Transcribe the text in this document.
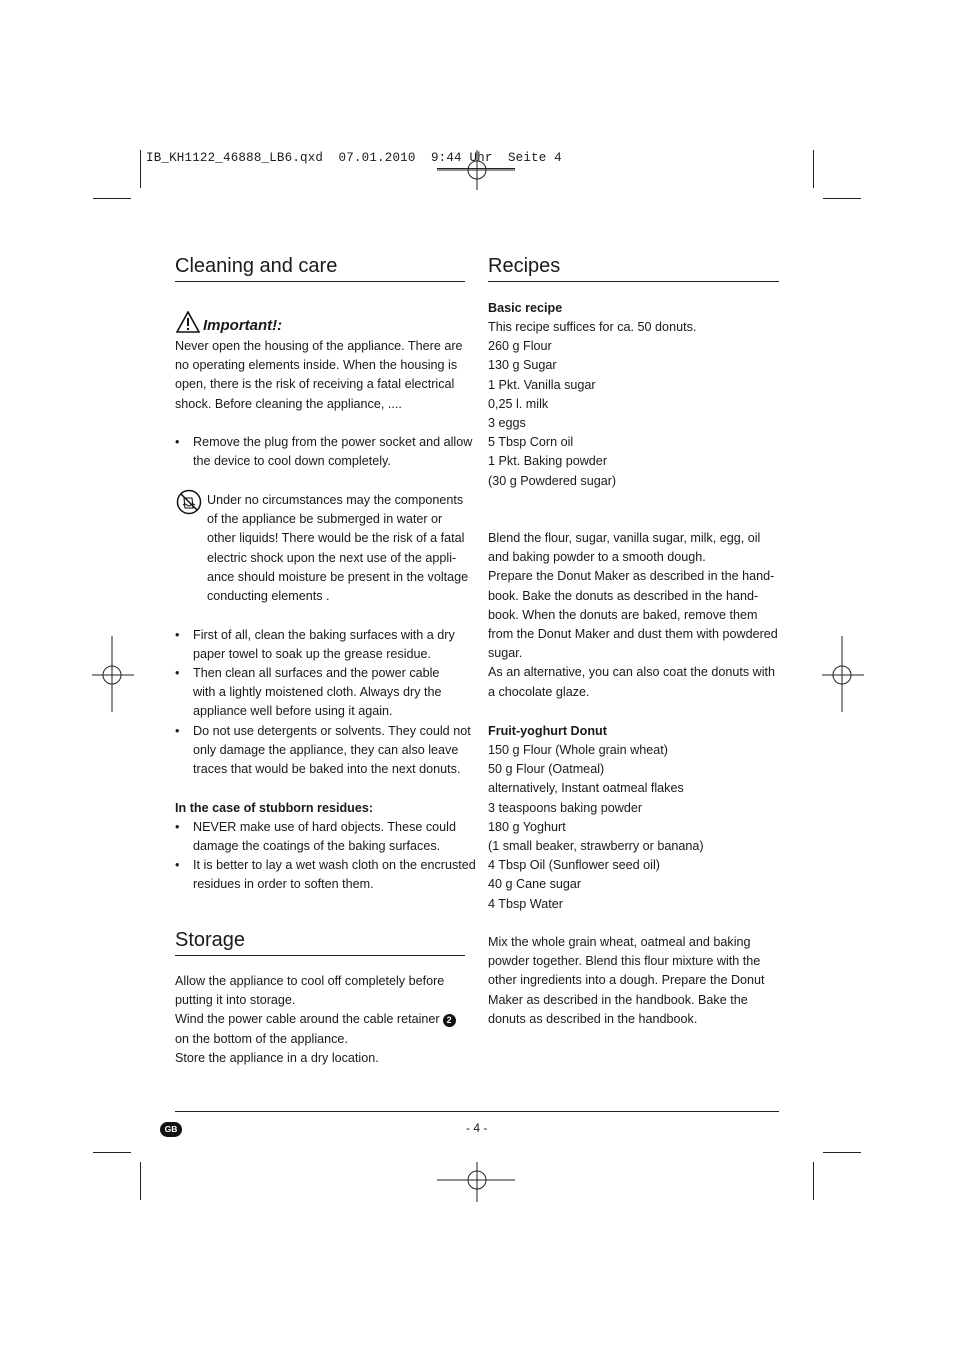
IB_KH1122_46888_LB6.qxd  07.01.2010  9:44 Uhr  Seite 4
Cleaning and care
Important!:
Never open the housing of the appliance. There are
no operating elements inside. When the housing is
open, there is the risk of receiving a fatal electrical
shock. Before cleaning the appliance, ....
• Remove the plug from the power socket and allow
the device to cool down completely.
Under no circumstances may the components
of the appliance be submerged in water or
other liquids! There would be the risk of a fatal
electric shock upon the next use of the appli-
ance should moisture be present in the voltage
conducting elements .
• First of all, clean the baking surfaces with a dry
paper towel to soak up the grease residue.
• Then clean all surfaces and the power cable
with a lightly moistened cloth. Always dry the
appliance well before using it again.
• Do not use detergents or solvents. They could not
only damage the appliance, they can also leave
traces that would be baked into the next donuts.
In the case of stubborn residues:
• NEVER make use of hard objects. These could
damage the coatings of the baking surfaces.
• It is better to lay a wet wash cloth on the encrusted
residues in order to soften them.
Storage
Allow the appliance to cool off completely before
putting it into storage.
Wind the power cable around the cable retainer 2
on the bottom of the appliance.
Store the appliance in a dry location.
Recipes
Basic recipe
This recipe suffices for ca. 50 donuts.
260 g Flour
130 g Sugar
1 Pkt. Vanilla sugar
0,25 l. milk
3 eggs
5 Tbsp Corn oil
1 Pkt. Baking powder
(30 g Powdered sugar)
Blend the flour, sugar, vanilla sugar, milk, egg, oil
and baking powder to a smooth dough.
Prepare the Donut Maker as described in the hand-
book. Bake the donuts as described in the hand-
book. When the donuts are baked, remove them
from the Donut Maker and dust them with powdered
sugar.
As an alternative, you can also coat the donuts with
a chocolate glaze.
Fruit-yoghurt Donut
150 g Flour (Whole grain wheat)
50 g Flour (Oatmeal)
alternatively, Instant oatmeal flakes
3 teaspoons baking powder
180 g Yoghurt
(1 small beaker, strawberry or banana)
4 Tbsp Oil (Sunflower seed oil)
40 g Cane sugar
4 Tbsp Water
Mix the whole grain wheat, oatmeal and baking
powder together. Blend this flour mixture with the
other ingredients into a dough. Prepare the Donut
Maker as described in the handbook. Bake the
donuts as described in the handbook.
GB	- 4 -
